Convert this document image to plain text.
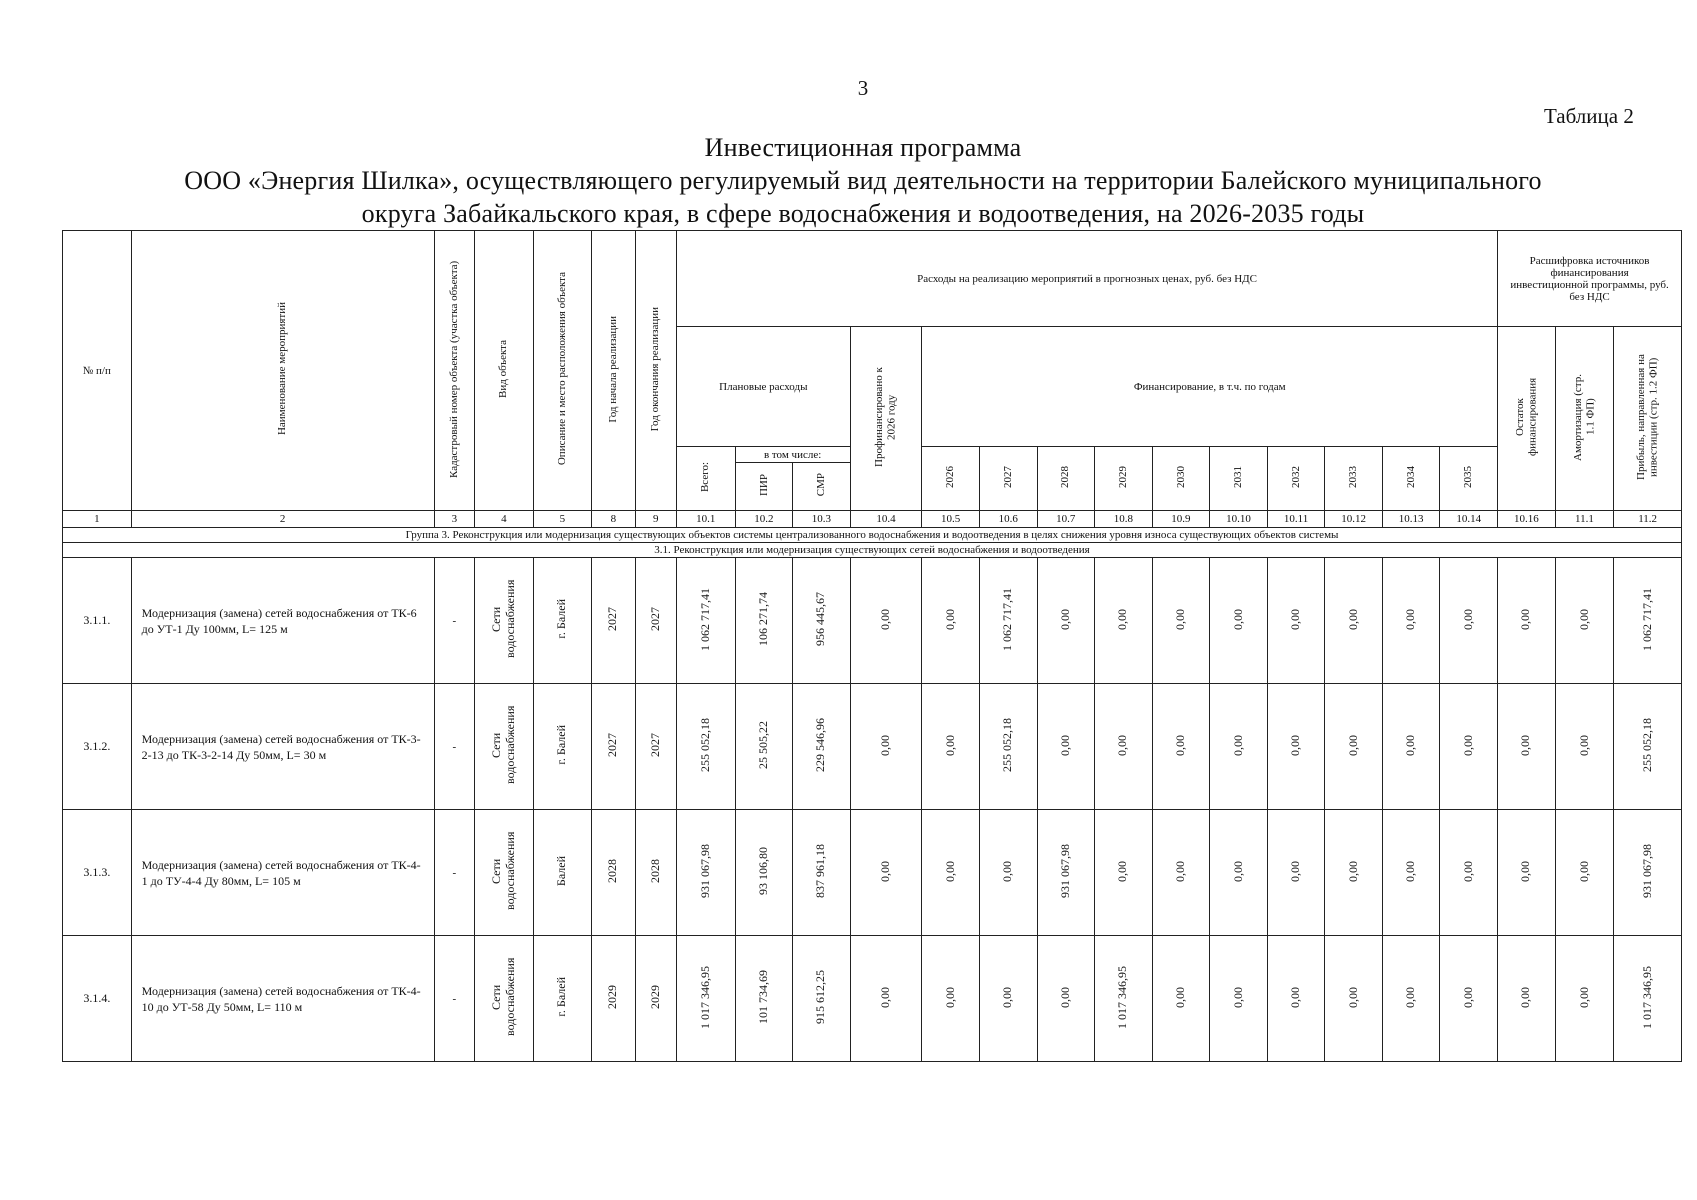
3
Таблица 2
Инвестиционная программа
ООО «Энергия Шилка», осуществляющего регулируемый вид деятельности на территории Балейского муниципального
округа Забайкальского края, в сфере водоснабжения и водоотведения, на 2026-2035 годы
№ п/п	Наименование мероприятий	Кадастровый номер объекта (участка объекта)	Вид объекта	Описание и место расположения объекта	Год начала реализации	Год окончания реализации	Расходы на реализацию мероприятий в прогнозных ценах, руб. без НДС														Расшифровка источников финансирования инвестиционной программы, руб. без НДС		
							Плановые расходы			Профинансировано к 2026 году	Финансирование, в т.ч. по годам										Остаток финансирования	Амортизация (стр. 1.1 ФП)	Прибыль, направленная на инвестиции (стр. 1.2 ФП)

							Всего:	в том числе:			2026	2027	2028	2029	2030	2031	2032	2033	2034	2035			
								ПИР	СМР														
1	2	3	4	5	8	9	10.1	10.2	10.3	10.4	10.5	10.6	10.7	10.8	10.9	10.10	10.11	10.12	10.13	10.14	10.16	11.1	11.2
Группа 3. Реконструкция или модернизация существующих объектов системы централизованного водоснабжения и водоотведения в целях снижения уровня износа существующих объектов системы																							
3.1. Реконструкция или модернизация существующих сетей водоснабжения и водоотведения																							
3.1.1.	Модернизация (замена) сетей водоснабжения от ТК-6 до УТ-1 Ду 100мм, L= 125 м	-	Сети водоснабжения	г. Балей	2027	2027	1 062 717,41	106 271,74	956 445,67	0,00	0,00	1 062 717,41	0,00	0,00	0,00	0,00	0,00	0,00	0,00	0,00	0,00	0,00	1 062 717,41
3.1.2.	Модернизация (замена) сетей водоснабжения от ТК-3-2-13 до ТК-3-2-14 Ду 50мм, L= 30 м	-	Сети водоснабжения	г. Балей	2027	2027	255 052,18	25 505,22	229 546,96	0,00	0,00	255 052,18	0,00	0,00	0,00	0,00	0,00	0,00	0,00	0,00	0,00	0,00	255 052,18
3.1.3.	Модернизация (замена) сетей водоснабжения от ТК-4-1 до ТУ-4-4 Ду 80мм, L= 105 м	-	Сети водоснабжения	Балей	2028	2028	931 067,98	93 106,80	837 961,18	0,00	0,00	0,00	931 067,98	0,00	0,00	0,00	0,00	0,00	0,00	0,00	0,00	0,00	931 067,98
3.1.4.	Модернизация (замена) сетей водоснабжения от ТК-4-10 до УТ-58 Ду 50мм, L= 110 м	-	Сети водоснабжения	г. Балей	2029	2029	1 017 346,95	101 734,69	915 612,25	0,00	0,00	0,00	0,00	1 017 346,95	0,00	0,00	0,00	0,00	0,00	0,00	0,00	0,00	1 017 346,95
